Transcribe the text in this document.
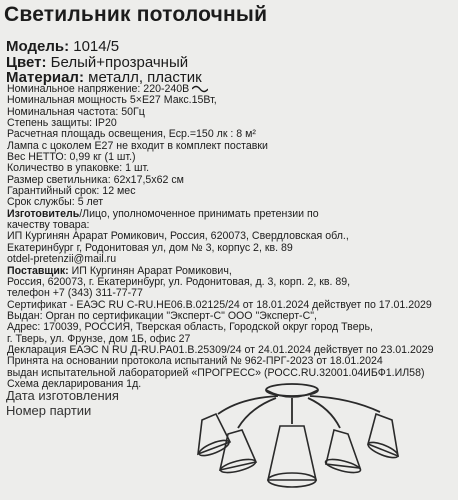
Светильник потолочный
Модель: 1014/5
Цвет: Белый+прозрачный
Материал: металл, пластик
Номинальное напряжение: 220-240В
Номинальная мощность 5×E27 Макс.15Вт,
Номинальная частота: 50Гц
Степень защиты: IP20
Расчетная площадь освещения, Еср.=150 лк : 8 м²
Лампа с цоколем E27 не входит в комплект поставки
Вес НЕТТО: 0,99 кг (1 шт.)
Количество в упаковке: 1 шт.
Размер светильника: 62x17,5x62 см
Гарантийный срок: 12 мес
Срок службы: 5 лет
Изготовитель/Лицо, уполномоченное принимать претензии по
качеству товара:
ИП Кургинян Арарат Ромикович, Россия, 620073, Свердловская обл.,
Екатеринбург г, Родонитовая ул, дом № 3, корпус 2, кв. 89
otdel-pretenzii@mail.ru
Поставщик: ИП Кургинян Арарат Ромикович,
Россия, 620073, г. Екатеринбург, ул. Родонитовая, д. 3, корп. 2, кв. 89,
телефон +7 (343) 311-77-77
Сертификат - ЕАЭС RU С-RU.НЕ06.В.02125/24 от 18.01.2024 действует по 17.01.2029
Выдан: Орган по сертификации "Эксперт-С" ООО "Эксперт-С",
Адрес: 170039, РОССИЯ, Тверская область, Городской округ город Тверь,
г. Тверь, ул. Фрунзе, дом 1Б, офис 27
Декларация ЕАЭС N RU Д-RU.РА01.В.25309/24 от 24.01.2024 действует по 23.01.2029
Принята на основании протокола испытаний № 962-ПРГ-2023 от 18.01.2024
выдан испытательной лабораторией «ПРОГРЕСС» (РОСС.RU.32001.04ИБФ1.ИЛ58)
Схема декларирования 1д.
Дата изготовления
Номер партии
